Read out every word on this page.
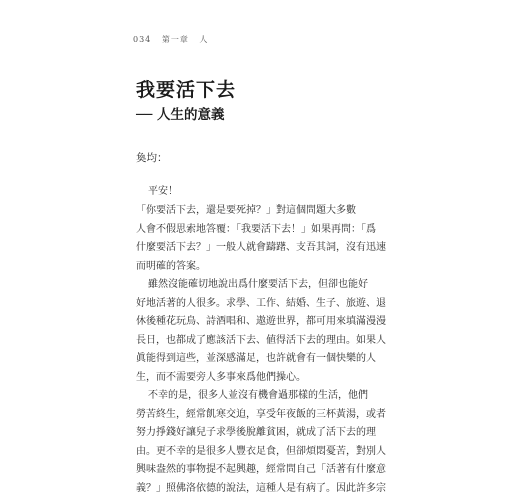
034 第一章 人
我要活下去
── 人生的意義
奐均：
平安！
「你要活下去，還是要死掉？」對這個問題大多數
人會不假思索地答覆：「我要活下去！」如果再問：「爲
什麼要活下去？」一般人就會躊躇、支吾其詞，沒有迅速
而明確的答案。
雖然沒能確切地說出爲什麼要活下去，但卻也能好
好地活著的人很多。求學、工作、結婚、生子、旅遊、退
休後種花玩鳥、詩酒唱和、遨遊世界，都可用來填滿漫漫
長日，也都成了應該活下去、値得活下去的理由。如果人
眞能得到這些，並深感滿足，也許就會有一個快樂的人
生，而不需要旁人多事來爲他們操心。
不幸的是，很多人並沒有機會過那樣的生活，他們
勞苦終生，經常飢寒交迫，享受年夜飯的三杯黃湯，或者
努力掙錢好讓兒子求學後脫離貧困，就成了活下去的理
由。更不幸的是很多人豐衣足食，但卻煩悶憂苦，對別人
興味盎然的事物提不起興趣，經常問自己「活著有什麼意
義？」照佛洛依德的說法，這種人是有病了。因此許多宗
